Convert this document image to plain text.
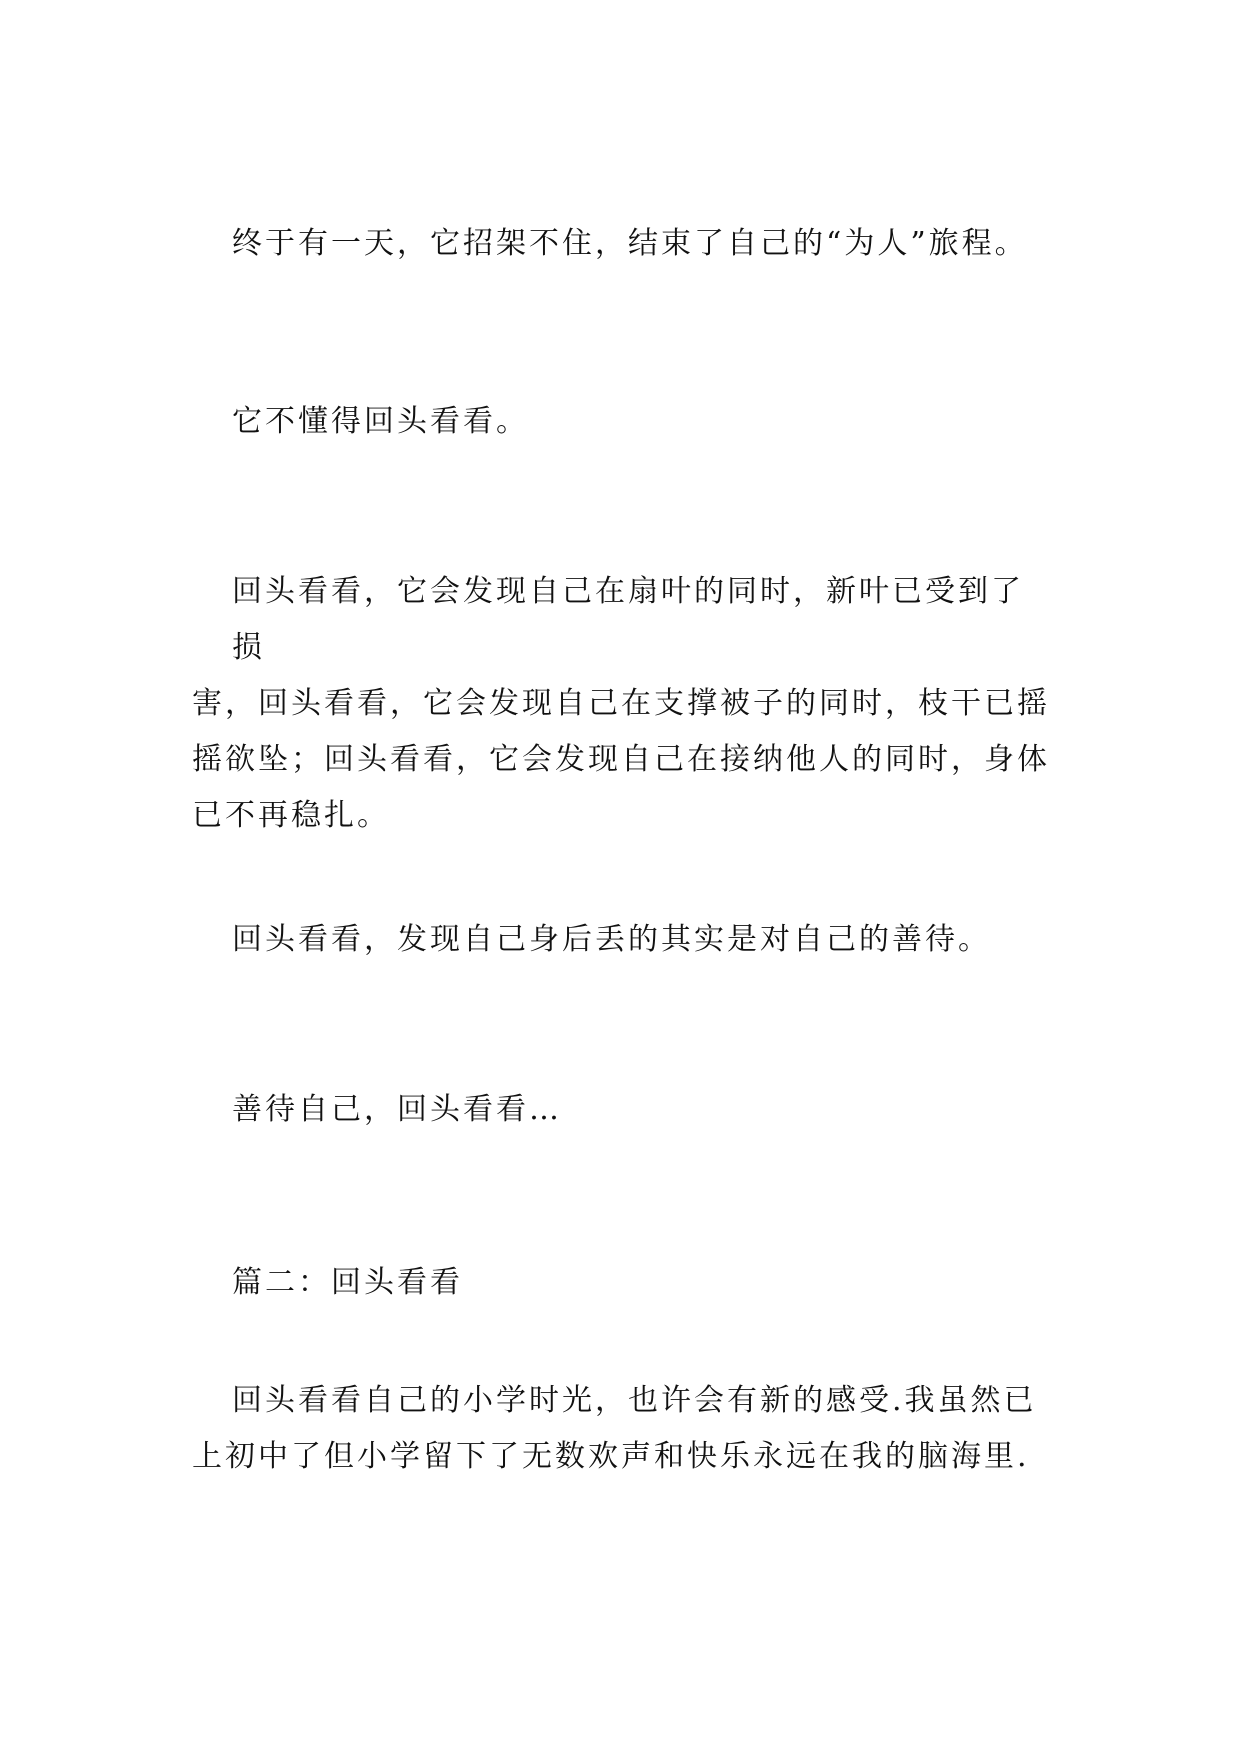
终于有一天，它招架不住，结束了自己的“为人”旅程。

它不懂得回头看看。

回头看看，它会发现自己在扇叶的同时，新叶已受到了损
害，回头看看，它会发现自己在支撑被子的同时，枝干已摇
摇欲坠；回头看看，它会发现自己在接纳他人的同时，身体
已不再稳扎。

回头看看，发现自己身后丢的其实是对自己的善待。

善待自己，回头看看…

篇二：回头看看

回头看看自己的小学时光，也许会有新的感受.我虽然已
上初中了但小学留下了无数欢声和快乐永远在我的脑海里.
